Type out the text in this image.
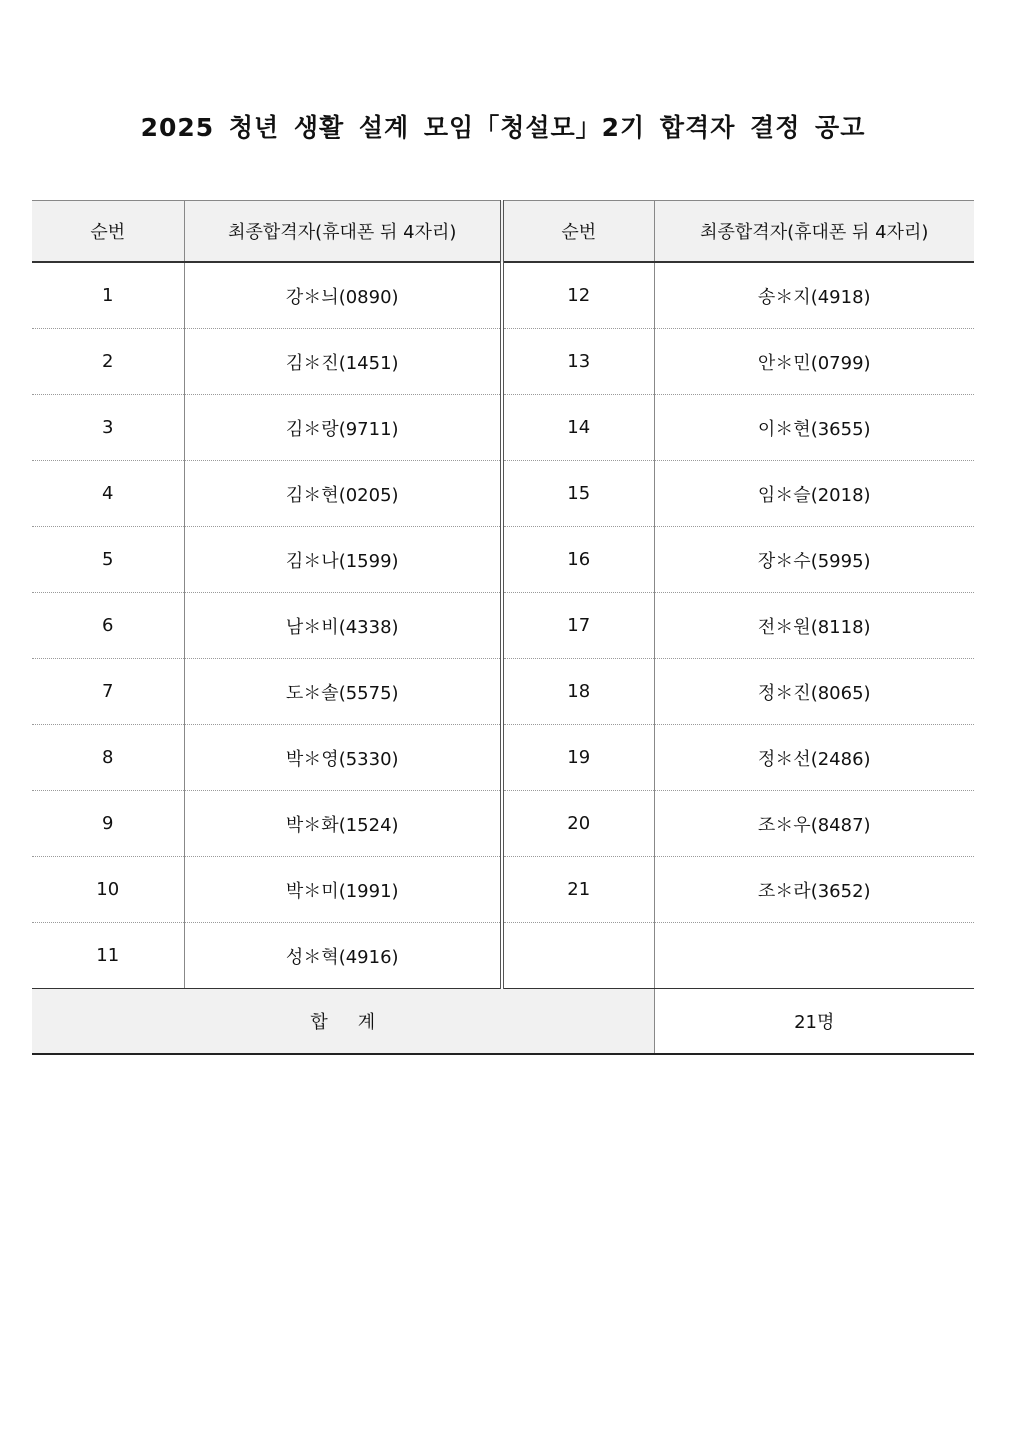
2025 청년 생활 설계 모임「청설모」2기 합격자 결정 공고
순번	최종합격자(휴대폰 뒤 4자리)	순번	최종합격자(휴대폰 뒤 4자리)
1	강＊늬(0890)	12	송＊지(4918)
2	김＊진(1451)	13	안＊민(0799)
3	김＊랑(9711)	14	이＊현(3655)
4	김＊현(0205)	15	임＊슬(2018)
5	김＊나(1599)	16	장＊수(5995)
6	남＊비(4338)	17	전＊원(8118)
7	도＊솔(5575)	18	정＊진(8065)
8	박＊영(5330)	19	정＊선(2486)
9	박＊화(1524)	20	조＊우(8487)
10	박＊미(1991)	21	조＊라(3652)
11	성＊혁(4916)		
합계			21명
